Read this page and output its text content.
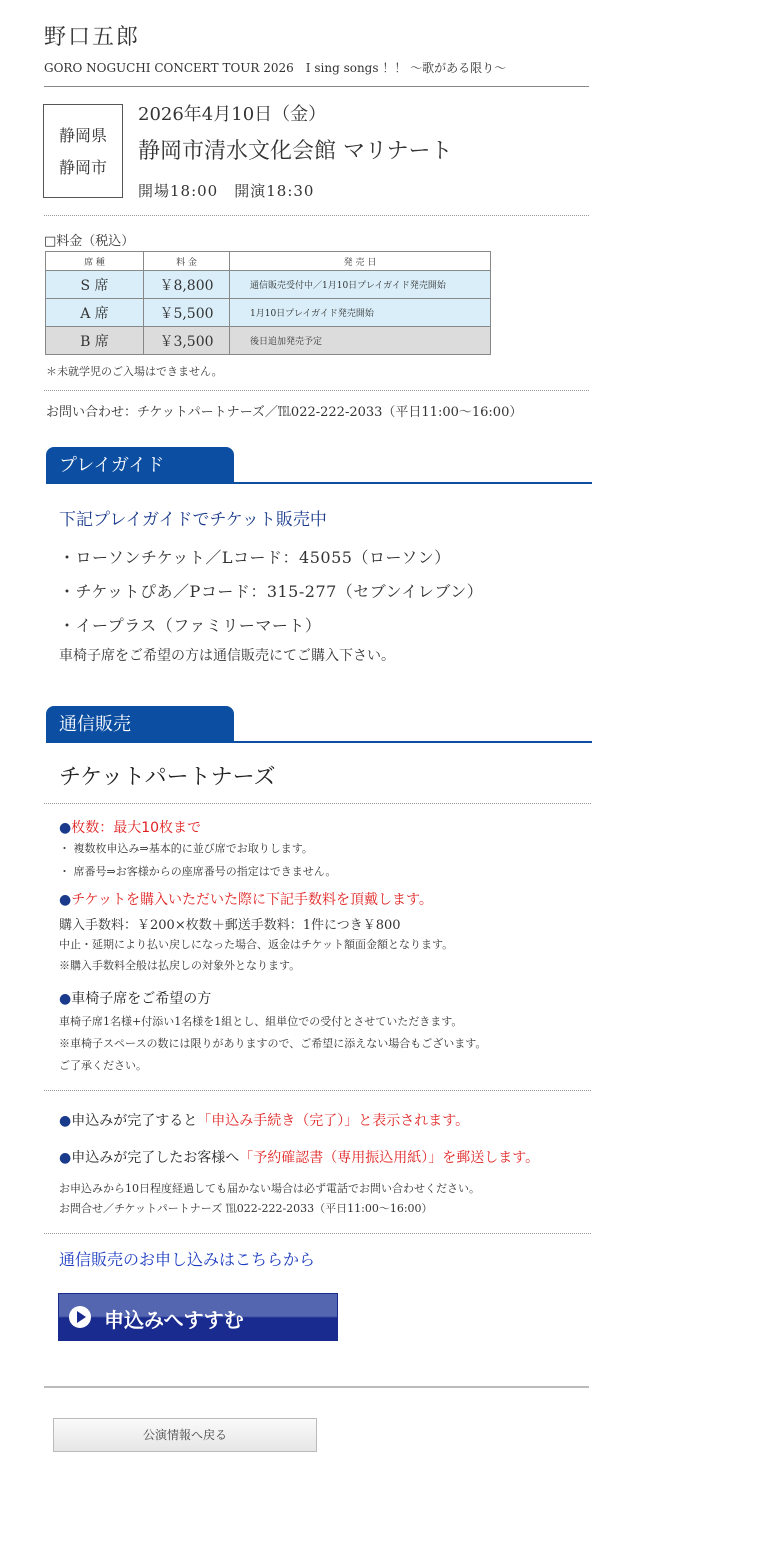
野口五郎
GORO NOGUCHI CONCERT TOUR 2026　I sing songs ！！ ～歌がある限り～
静岡県
静岡市
2026年4月10日（金）
静岡市清水文化会館 マリナート
開場18:00　開演18:30
□料金（税込）
席 種	料 金	発 売 日
S 席	￥8,800	通信販売受付中／1月10日プレイガイド発売開始
A 席	￥5,500	1月10日プレイガイド発売開始
B 席	￥3,500	後日追加発売予定
＊未就学児のご入場はできません。
お問い合わせ：チケットパートナーズ／℡022-222-2033（平日11:00～16:00）
プレイガイド
下記プレイガイドでチケット販売中
・ローソンチケット／Lコード：45055（ローソン）
・チケットぴあ／Pコード：315-277（セブンイレブン）
・イープラス（ファミリーマート）
車椅子席をご希望の方は通信販売にてご購入下さい。
通信販売
チケットパートナーズ
●枚数：最大10枚まで
・ 複数枚申込み⇒基本的に並び席でお取りします。
・ 席番号⇒お客様からの座席番号の指定はできません。
●チケットを購入いただいた際に下記手数料を頂戴します。
購入手数料：￥200×枚数＋郵送手数料：1件につき￥800
中止・延期により払い戻しになった場合、返金はチケット額面金額となります。
※購入手数料全般は払戻しの対象外となります。
●車椅子席をご希望の方
車椅子席1名様+付添い1名様を1組とし、組単位での受付とさせていただきます。
※車椅子スペースの数には限りがありますので、ご希望に添えない場合もございます。
ご了承ください。
●申込みが完了すると「申込み手続き（完了）」と表示されます。
●申込みが完了したお客様へ「予約確認書（専用振込用紙）」を郵送します。
お申込みから10日程度経過しても届かない場合は必ず電話でお問い合わせください。
お問合せ／チケットパートナーズ ℡022-222-2033（平日11:00～16:00）
通信販売のお申し込みはこちらから
申込みへすすむ
公演情報へ戻る
